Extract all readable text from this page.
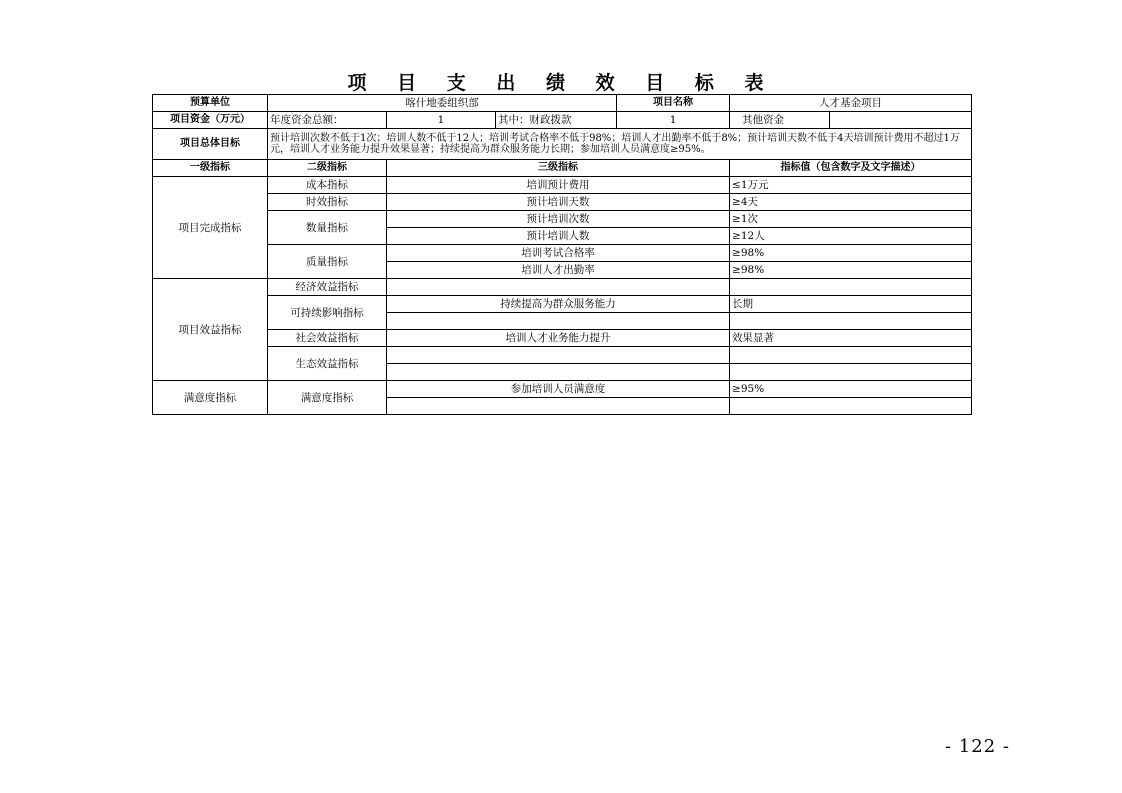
项 目 支 出 绩 效 目 标 表
预算单位	喀什地委组织部			项目名称	人才基金项目	
项目资金（万元）	年度资金总额：	1	其中：财政拨款	1	其他资金	
项目总体目标	预计培训次数不低于1次；培训人数不低于12人；培训考试合格率不低于98%；培训人才出勤率不低于8%；预计培训天数不低于4天培训预计费用不超过1万元，培训人才业务能力提升效果显著；持续提高为群众服务能力长期；参加培训人员满意度≥95%。					
一级指标	二级指标	三级指标			指标值（包含数字及文字描述）	
项目完成指标	成本指标	培训预计费用			≤1万元	
	时效指标	预计培训天数			≥4天	
	数量指标	预计培训次数			≥1次	
		预计培训人数			≥12人	
	质量指标	培训考试合格率			≥98%	
		培训人才出勤率			≥98%	
项目效益指标	经济效益指标					
	可持续影响指标	持续提高为群众服务能力			长期	

	社会效益指标	培训人才业务能力提升			效果显著	
	生态效益指标					

满意度指标	满意度指标	参加培训人员满意度			≥95%	

- 122 -
